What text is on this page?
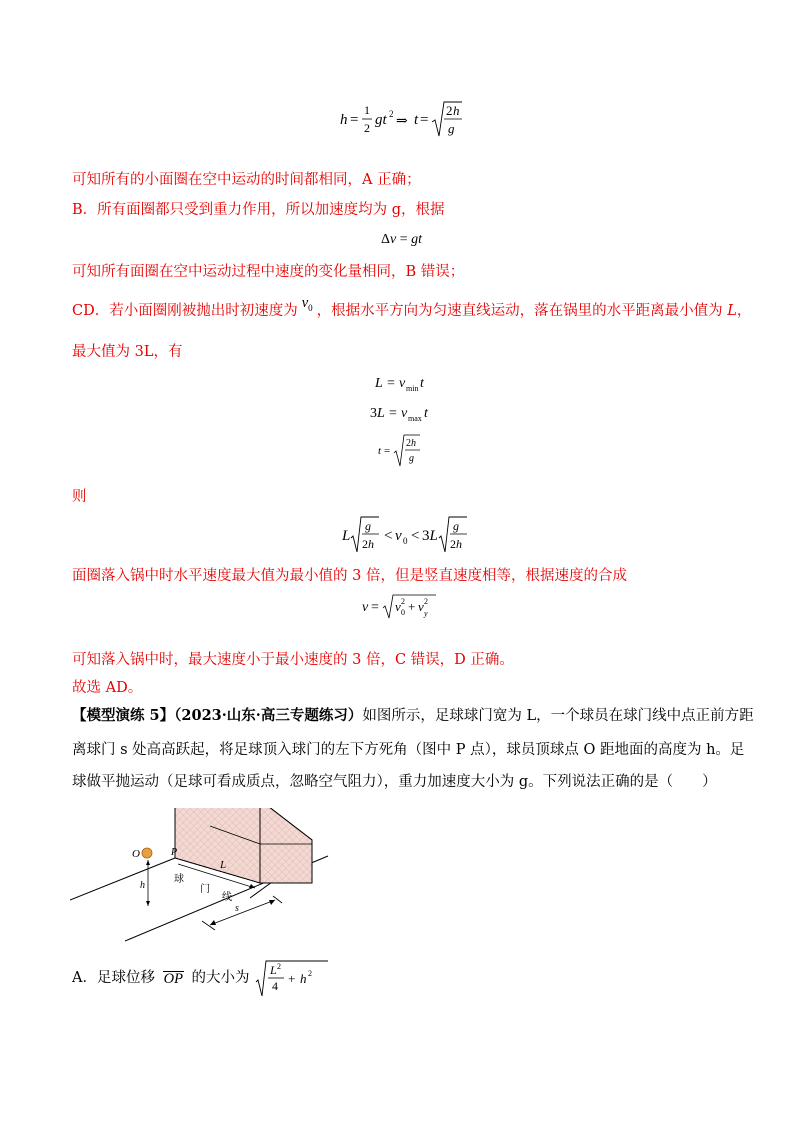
h =
1
2 gt 2 ⇒ t =
2 h
g
可知所有的小面圈在空中运动的时间都相同，A 正确；
B．所有面圈都只受到重力作用，所以加速度均为 g，根据
Δv = gt
可知所有面圈在空中运动过程中速度的变化量相同，B 错误；
CD．若小面圈刚被抛出时初速度为 $v_0$ ，根据水平方向为匀速直线运动，落在锅里的水平距离最小值为 L，
最大值为 3L，有
L = v min t
3L = v max t
t =
2h
g
则
L
g
2h < v 0 < 3L
g
2h
面圈落入锅中时水平速度最大值为最小值的 3 倍，但是竖直速度相等，根据速度的合成
v = v 0
2 + v y
2
可知落入锅中时，最大速度小于最小速度的 3 倍，C 错误，D 正确。
故选 AD。
【模型演练 5】（2023·山东·高三专题练习）如图所示，足球球门宽为 L，一个球员在球门线中点正前方距
离球门 s 处高高跃起，将足球顶入球门的左下方死角（图中 P 点），球员顶球点 O 距地面的高度为 h。足
球做平抛运动（足球可看成质点，忽略空气阻力），重力加速度大小为 g。下列说法正确的是（　　）
O	P
h
L
球
门
线
s
A．足球位移 OP 的大小为 L 2
4 + h 2
